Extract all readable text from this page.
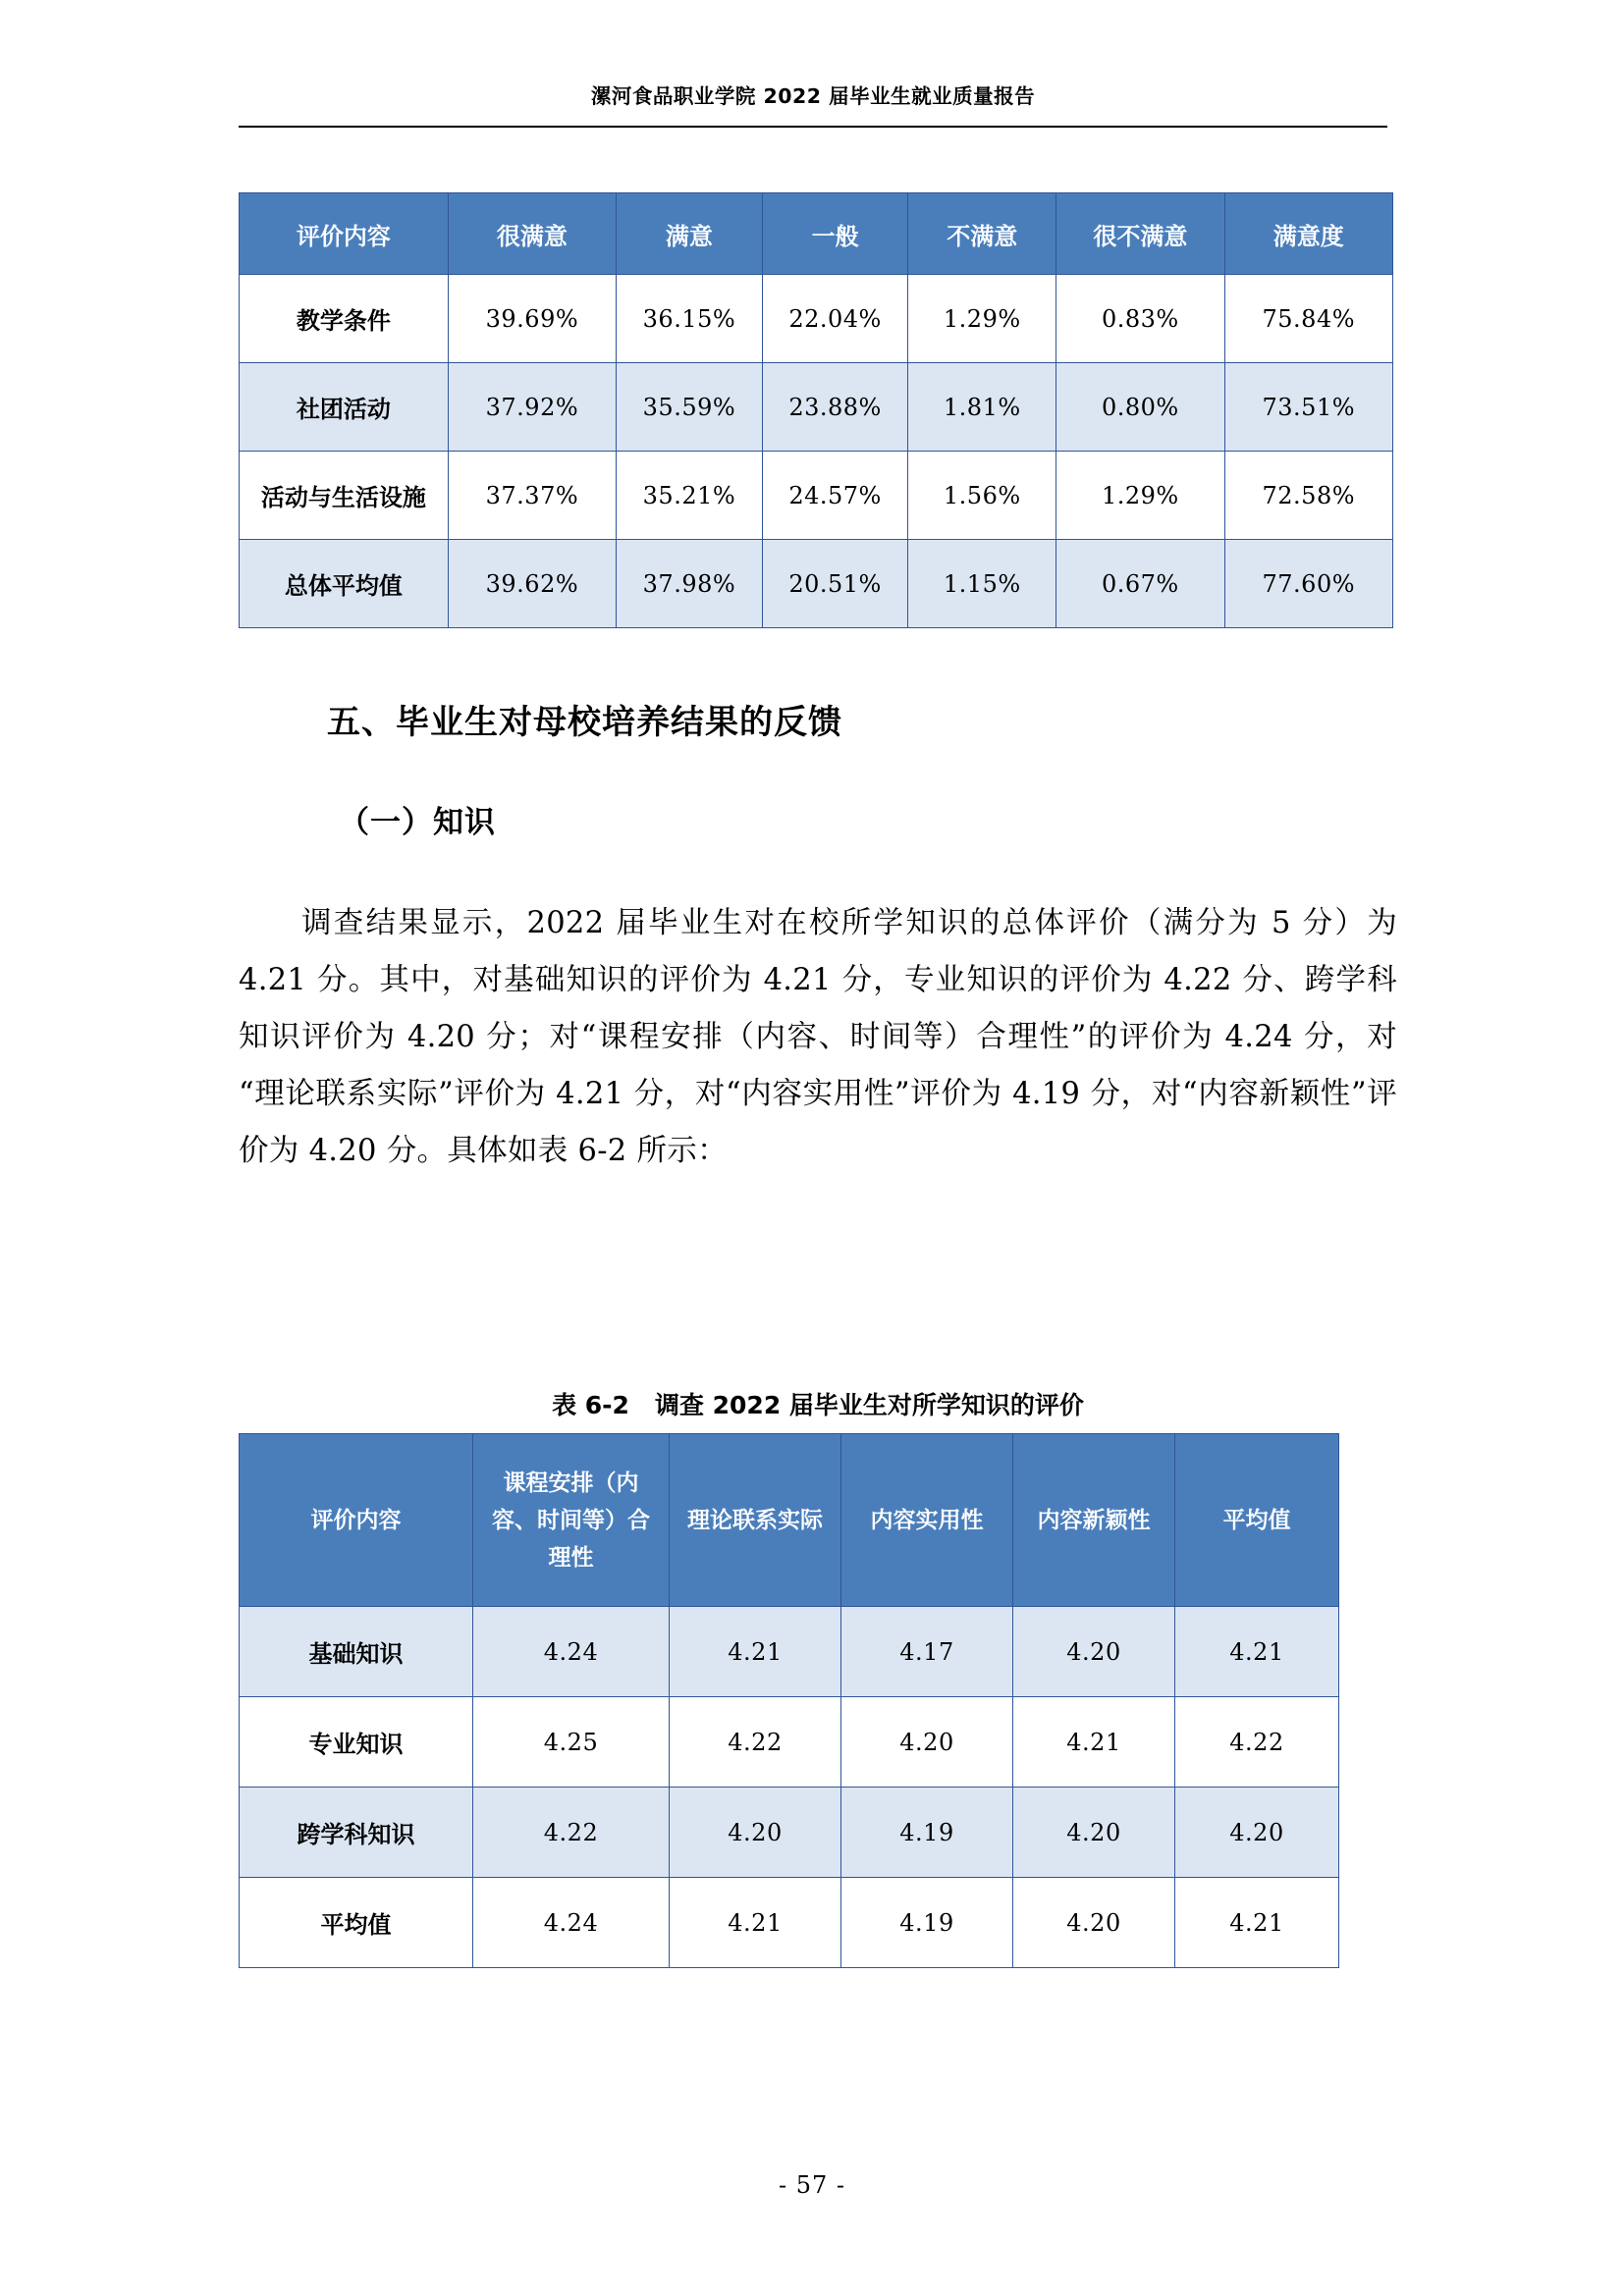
漯河食品职业学院 2022 届毕业生就业质量报告
评价内容	很满意	满意	一般	不满意	很不满意	满意度
教学条件	39.69%	36.15%	22.04%	1.29%	0.83%	75.84%
社团活动	37.92%	35.59%	23.88%	1.81%	0.80%	73.51%
活动与生活设施	37.37%	35.21%	24.57%	1.56%	1.29%	72.58%
总体平均值	39.62%	37.98%	20.51%	1.15%	0.67%	77.60%
五、毕业生对母校培养结果的反馈
（一）知识
调查结果显示，2022 届毕业生对在校所学知识的总体评价（满分为 5 分）为 4.21 分。其中，对基础知识的评价为 4.21 分，专业知识的评价为 4.22 分、跨学科知识评价为 4.20 分；对“课程安排（内容、时间等）合理性”的评价为 4.24 分，对“理论联系实际”评价为 4.21 分，对“内容实用性”评价为 4.19 分，对“内容新颖性”评价为 4.20 分。具体如表 6-2 所示：
表 6-2 调查 2022 届毕业生对所学知识的评价
评价内容	课程安排（内容、时间等）合理性	理论联系实际	内容实用性	内容新颖性	平均值
基础知识	4.24	4.21	4.17	4.20	4.21
专业知识	4.25	4.22	4.20	4.21	4.22
跨学科知识	4.22	4.20	4.19	4.20	4.20
平均值	4.24	4.21	4.19	4.20	4.21
- 57 -
